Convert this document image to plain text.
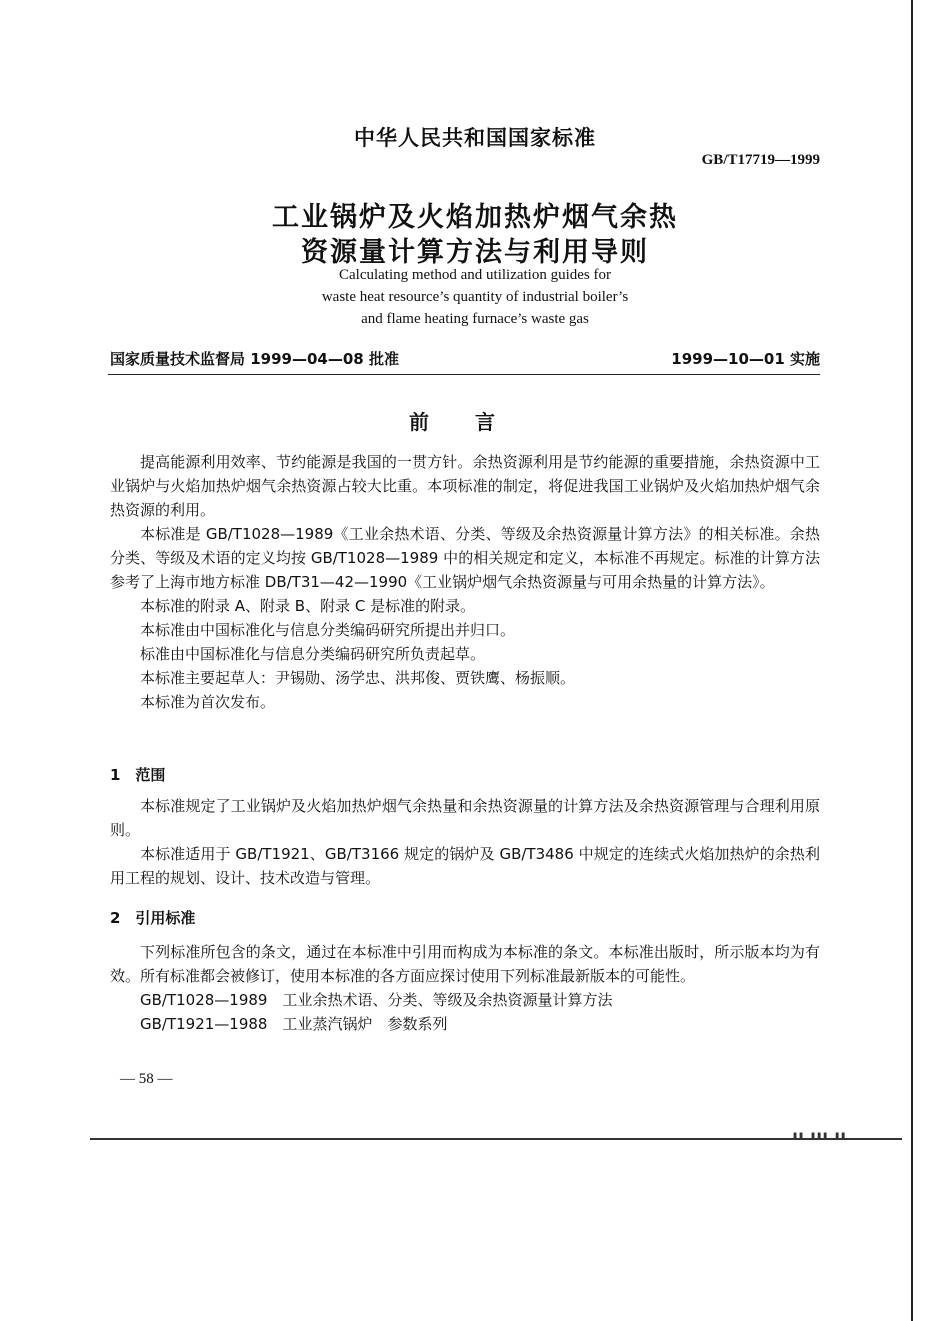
中华人民共和国国家标准
GB/T17719—1999
工业锅炉及火焰加热炉烟气余热
资源量计算方法与利用导则
Calculating method and utilization guides for
waste heat resource’s quantity of industrial boiler’s
and flame heating furnace’s waste gas
国家质量技术监督局 1999—04—08 批准	1999—10—01 实施
前言

提高能源利用效率、节约能源是我国的一贯方针。余热资源利用是节约能源的重要措施，余热资源中工业锅炉与火焰加热炉烟气余热资源占较大比重。本项标准的制定，将促进我国工业锅炉及火焰加热炉烟气余热资源的利用。

本标准是 GB/T1028—1989《工业余热术语、分类、等级及余热资源量计算方法》的相关标准。余热分类、等级及术语的定义均按 GB/T1028—1989 中的相关规定和定义，本标准不再规定。标准的计算方法参考了上海市地方标准 DB/T31—42—1990《工业锅炉烟气余热资源量与可用余热量的计算方法》。

本标准的附录 A、附录 B、附录 C 是标准的附录。

本标准由中国标准化与信息分类编码研究所提出并归口。

标准由中国标准化与信息分类编码研究所负责起草。

本标准主要起草人：尹锡勋、汤学忠、洪邦俊、贾铁鹰、杨振顺。

本标准为首次发布。

1　范围

本标准规定了工业锅炉及火焰加热炉烟气余热量和余热资源量的计算方法及余热资源管理与合理利用原则。

本标准适用于 GB/T1921、GB/T3166 规定的锅炉及 GB/T3486 中规定的连续式火焰加热炉的余热利用工程的规划、设计、技术改造与管理。

2　引用标准

下列标准所包含的条文，通过在本标准中引用而构成为本标准的条文。本标准出版时，所示版本均为有效。所有标准都会被修订，使用本标准的各方面应探讨使用下列标准最新版本的可能性。

GB/T1028—1989　工业余热术语、分类、等级及余热资源量计算方法

GB/T1921—1988　工业蒸汽锅炉　参数系列

— 58 —
▮▮ ▮▮▮ ▮▮
